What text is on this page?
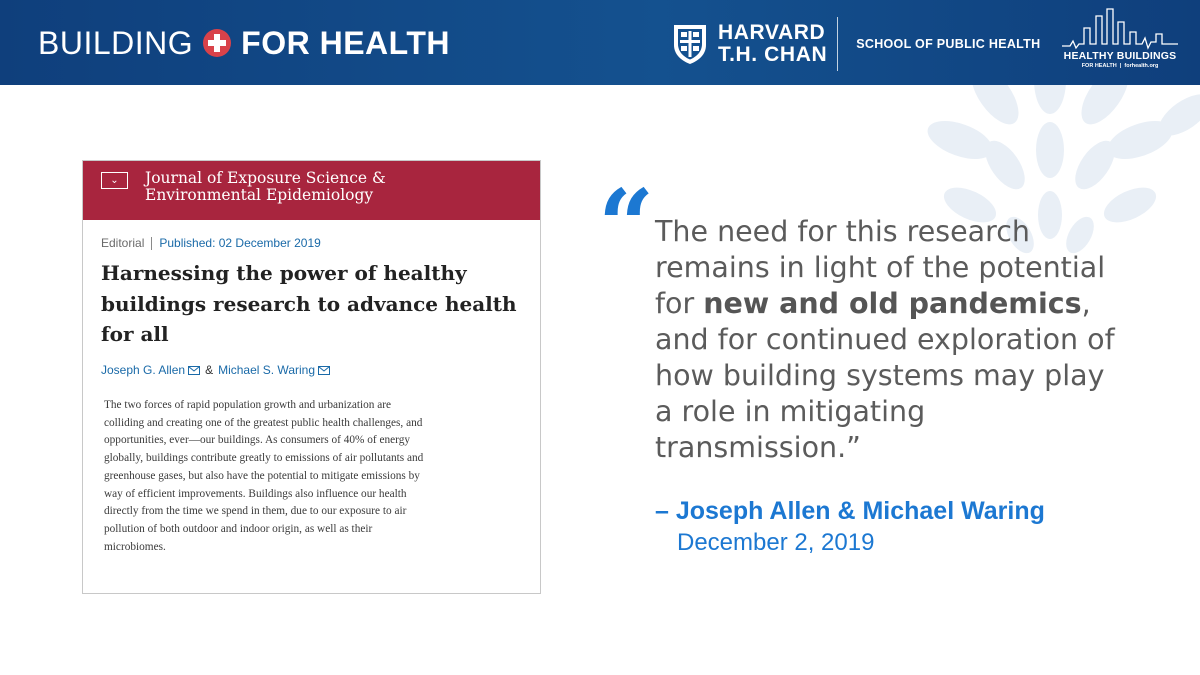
BUILDING FOR HEALTH	HARVARD
T.H. CHAN SCHOOL OF PUBLIC HEALTH
HEALTHY BUILDINGS
FOR HEALTH  |  forhealth.org
⌄	Journal of Exposure Science &
Environmental Epidemiology
Editorial Published: 02 December 2019
Harnessing the power of healthy buildings research to advance health for all
Joseph G. Allen & Michael S. Waring
The two forces of rapid population growth and urbanization are
colliding and creating one of the greatest public health challenges, and
opportunities, ever—our buildings. As consumers of 40% of energy
globally, buildings contribute greatly to emissions of air pollutants and
greenhouse gases, but also have the potential to mitigate emissions by
way of efficient improvements. Buildings also influence our health
directly from the time we spend in them, due to our exposure to air
pollution of both outdoor and indoor origin, as well as their
microbiomes.
“ The need for this research remains in light of the potential for new and old pandemics, and for continued exploration of how building systems may play a role in mitigating transmission.”
– Joseph Allen & Michael Waring
December 2, 2019
